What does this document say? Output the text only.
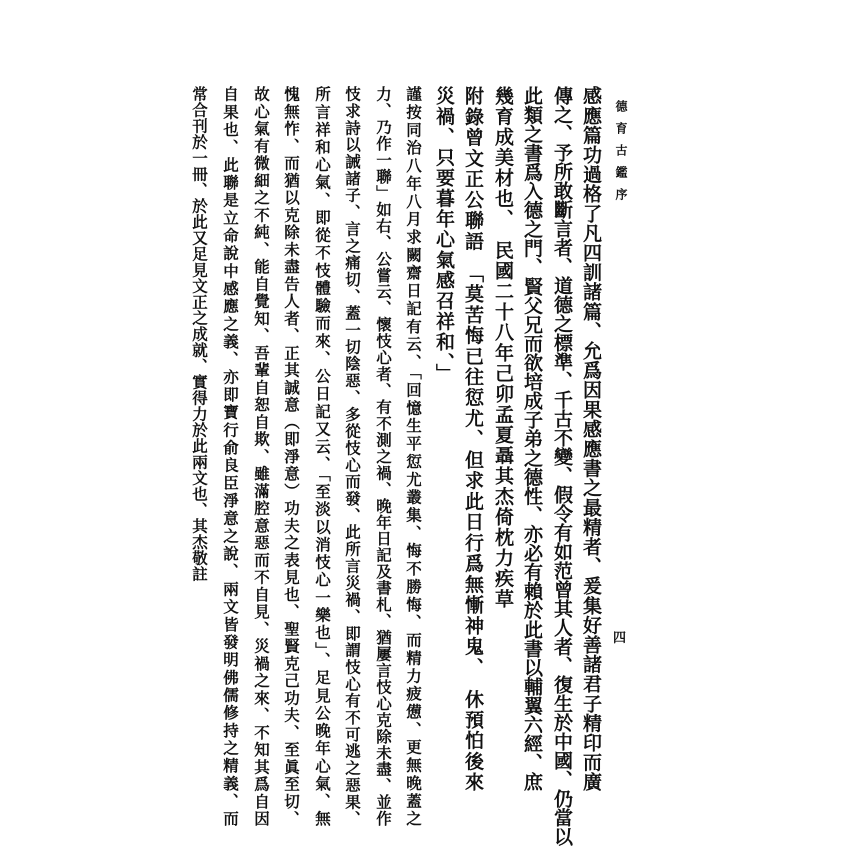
德育古鑑序
四
感應篇功過格了凡四訓諸篇、允爲因果感應書之最精者、爰集好善諸君子精印而廣
傳之、予所敢斷言者、道德之標準、千古不變、假令有如范曾其人者、復生於中國、仍當以
此類之書爲入德之門、賢父兄而欲培成子弟之德性、亦必有賴於此書以輔翼六經、庶
幾育成美材也、　民國二十八年己卯孟夏聶其杰倚枕力疾草
附錄曾文正公聯語　「莫苦悔已往愆尤、但求此日行爲無慚神鬼、　休預怕後來
災禍、只要暮年心氣感召祥和、」
謹按同治八年八月求闕齋日記有云、「回憶生平愆尤叢集、悔不勝悔、而精力疲憊、更無晚蓋之
力、乃作一聯」如右、公嘗云、懷忮心者、有不測之禍、晚年日記及書札、猶屢言忮心克除未盡、並作
忮求詩以誡諸子、言之痛切、蓋一切陰惡、多從忮心而發、此所言災禍、即謂忮心有不可逃之惡果、
所言祥和心氣、即從不忮體驗而來、公日記又云、「至淡以消忮心一樂也」、足見公晚年心氣、無
愧無怍、而猶以克除未盡告人者、正其誠意（即淨意）功夫之表見也、聖賢克己功夫、至眞至切、
故心氣有微細之不純、能自覺知、吾輩自恕自欺、雖滿腔意惡而不自見、災禍之來、不知其爲自因
自果也、此聯是立命說中感應之義、亦即寶行俞良臣淨意之說、兩文皆發明佛儒修持之精義、而
常合刊於一冊、於此又足見文正之成就、實得力於此兩文也、其杰敬註
